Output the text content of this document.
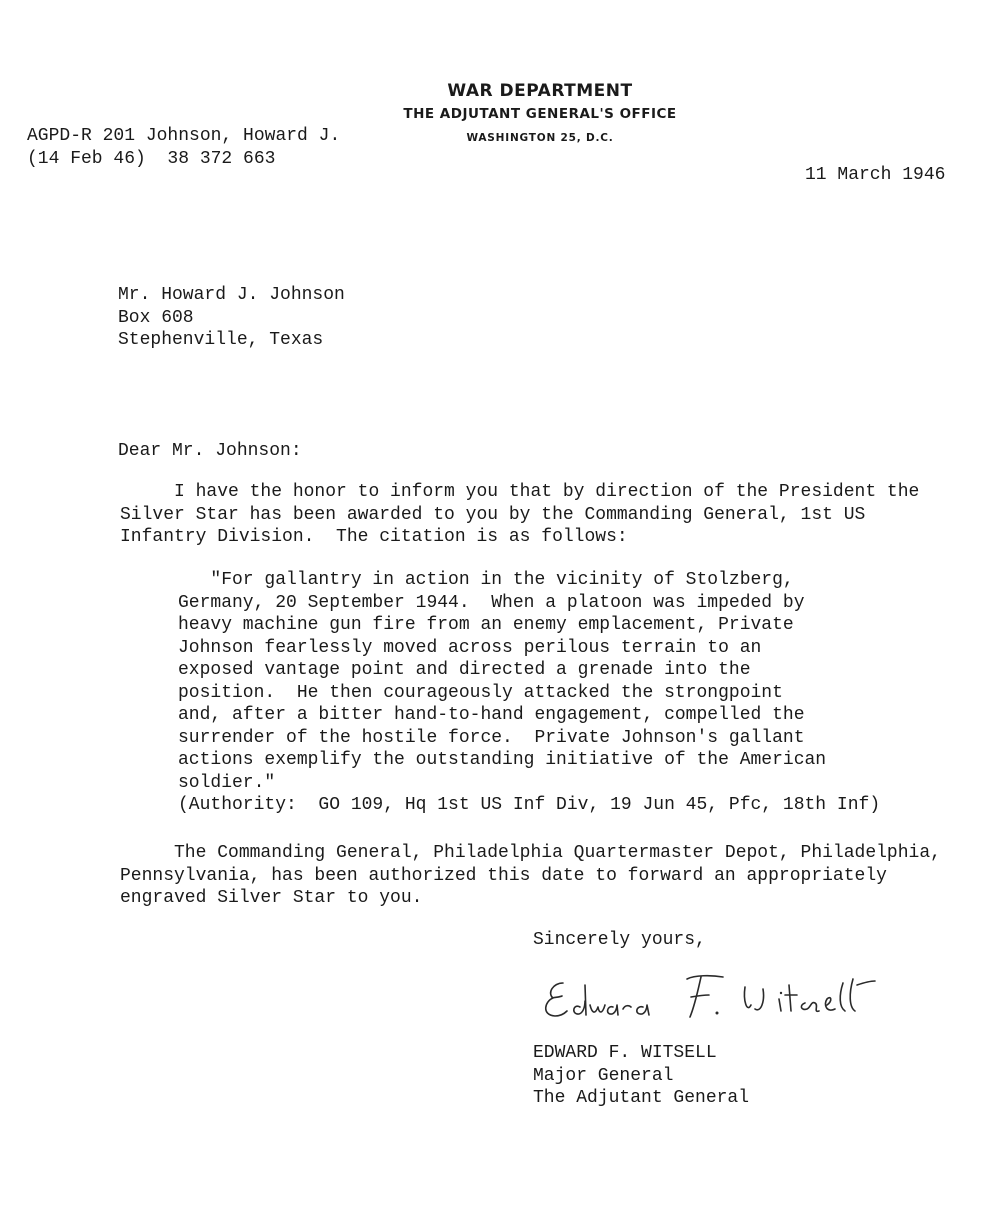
WAR DEPARTMENT
THE ADJUTANT GENERAL'S OFFICE
WASHINGTON 25, D.C.
AGPD-R 201 Johnson, Howard J.
(14 Feb 46)  38 372 663
11 March 1946
Mr. Howard J. Johnson
Box 608
Stephenville, Texas
Dear Mr. Johnson:
I have the honor to inform you that by direction of the President the
Silver Star has been awarded to you by the Commanding General, 1st US
Infantry Division.  The citation is as follows:
"For gallantry in action in the vicinity of Stolzberg,
Germany, 20 September 1944.  When a platoon was impeded by
heavy machine gun fire from an enemy emplacement, Private
Johnson fearlessly moved across perilous terrain to an
exposed vantage point and directed a grenade into the
position.  He then courageously attacked the strongpoint
and, after a bitter hand-to-hand engagement, compelled the
surrender of the hostile force.  Private Johnson's gallant
actions exemplify the outstanding initiative of the American
soldier."
(Authority:  GO 109, Hq 1st US Inf Div, 19 Jun 45, Pfc, 18th Inf)
The Commanding General, Philadelphia Quartermaster Depot, Philadelphia,
Pennsylvania, has been authorized this date to forward an appropriately
engraved Silver Star to you.
Sincerely yours,
EDWARD F. WITSELL
Major General
The Adjutant General
